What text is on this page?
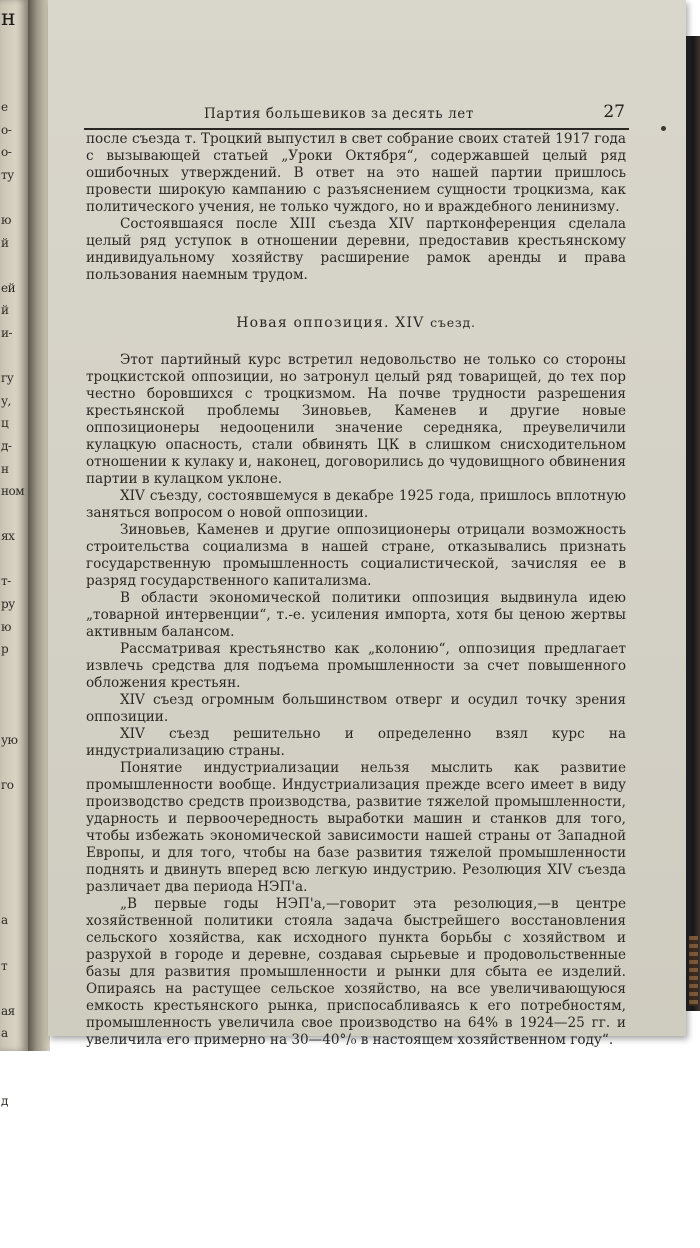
н
е
о-
о-
ту

ю
й

ей
й
и-

гу
у,
ц
д-
н
ном

ях

т-
ру
ю
р

ую

го

а

т

ая
а

д

Партия большевиков за десять лет	27

после съезда т. Троцкий выпустил в свет собрание своих статей 1917 года с вызывающей статьей „Уроки Октября“, содержавшей целый ряд ошибочных утверждений. В ответ на это нашей партии пришлось провести широкую кампанию с разъяснением сущности троцкизма, как политического учения, не только чуждого, но и враждебного ленинизму.

Состоявшаяся после XIII съезда XIV партконференция сделала целый ряд уступок в отношении деревни, предоставив крестьянскому индивидуальному хозяйству расширение рамок аренды и права пользования наемным трудом.

Новая оппозиция. XIV съезд.

Этот партийный курс встретил недовольство не только со стороны троцкистской оппозиции, но затронул целый ряд товарищей, до тех пор честно боровшихся с троцкизмом. На почве трудности разрешения крестьянской проблемы Зиновьев, Каменев и другие новые оппозиционеры недооценили значение середняка, преувеличили кулацкую опасность, стали обвинять ЦК в слишком снисходительном отношении к кулаку и, наконец, договорились до чудовищного обвинения партии в кулацком уклоне.

XIV съезду, состоявшемуся в декабре 1925 года, пришлось вплотную заняться вопросом о новой оппозиции.

Зиновьев, Каменев и другие оппозиционеры отрицали возможность строительства социализма в нашей стране, отказывались признать государственную промышленность социалистической, зачисляя ее в разряд государственного капитализма.

В области экономической политики оппозиция выдвинула идею „товарной интервенции“, т.-е. усиления импорта, хотя бы ценою жертвы активным балансом.

Рассматривая крестьянство как „колонию“, оппозиция предлагает извлечь средства для подъема промышленности за счет повышенного обложения крестьян.

XIV съезд огромным большинством отверг и осудил точку зрения оппозиции.

XIV съезд решительно и определенно взял курс на индустриализацию страны.

Понятие индустриализации нельзя мыслить как развитие промышленности вообще. Индустриализация прежде всего имеет в виду производство средств производства, развитие тяжелой промышленности, ударность и первоочередность выработки машин и станков для того, чтобы избежать экономической зависимости нашей страны от Западной Европы, и для того, чтобы на базе развития тяжелой промышленности поднять и двинуть вперед всю легкую индустрию. Резолюция XIV съезда различает два периода НЭП'а.

„В первые годы НЭП'а,—говорит эта резолюция,—в центре хозяйственной политики стояла задача быстрейшего восстановления сельского хозяйства, как исходного пункта борьбы с хозяйством и разрухой в городе и деревне, создавая сырьевые и продовольственные базы для развития промышленности и рынки для сбыта ее изделий. Опираясь на растущее сельское хозяйство, на все увеличивающуюся емкость крестьянского рынка, приспосабливаясь к его потребностям, промышленность увеличила свое производство на 64% в 1924—25 гг. и увеличила его примерно на 30—40°/₀ в настоящем хозяйственном году“.
